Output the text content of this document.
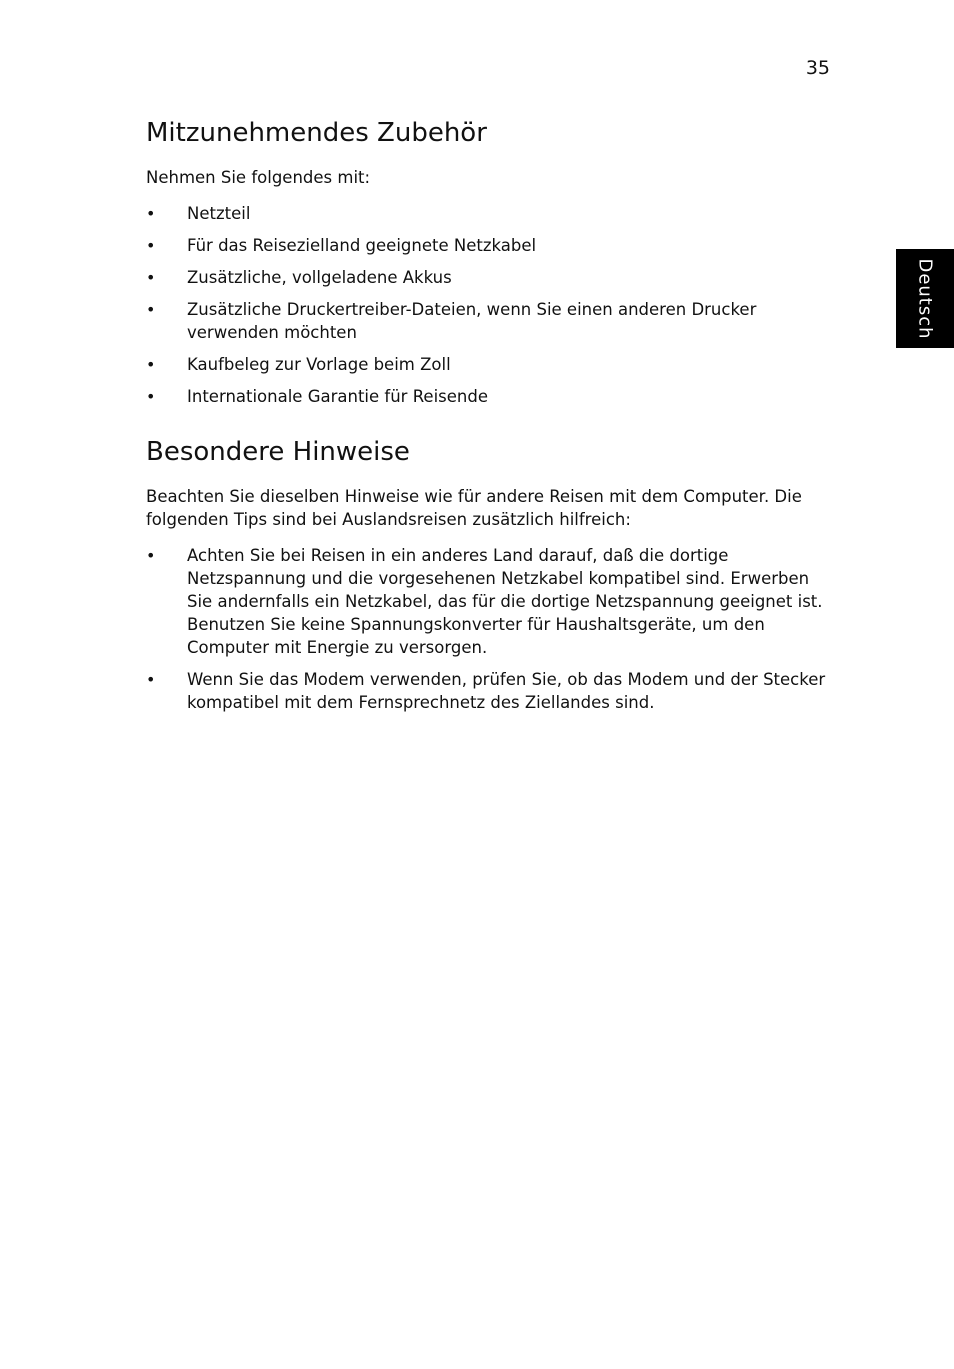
35
Deutsch
Mitzunehmendes Zubehör

Nehmen Sie folgendes mit:

• Netzteil
• Für das Reisezielland geeignete Netzkabel
• Zusätzliche, vollgeladene Akkus
• Zusätzliche Druckertreiber-Dateien, wenn Sie einen anderen Drucker verwenden möchten
• Kaufbeleg zur Vorlage beim Zoll
• Internationale Garantie für Reisende
Besondere Hinweise

Beachten Sie dieselben Hinweise wie für andere Reisen mit dem Computer. Die folgenden Tips sind bei Auslandsreisen zusätzlich hilfreich:

• Achten Sie bei Reisen in ein anderes Land darauf, daß die dortige Netzspannung und die vorgesehenen Netzkabel kompatibel sind. Erwerben Sie andernfalls ein Netzkabel, das für die dortige Netzspannung geeignet ist. Benutzen Sie keine Spannungskonverter für Haushaltsgeräte, um den Computer mit Energie zu versorgen.
• Wenn Sie das Modem verwenden, prüfen Sie, ob das Modem und der Stecker kompatibel mit dem Fernsprechnetz des Ziellandes sind.
